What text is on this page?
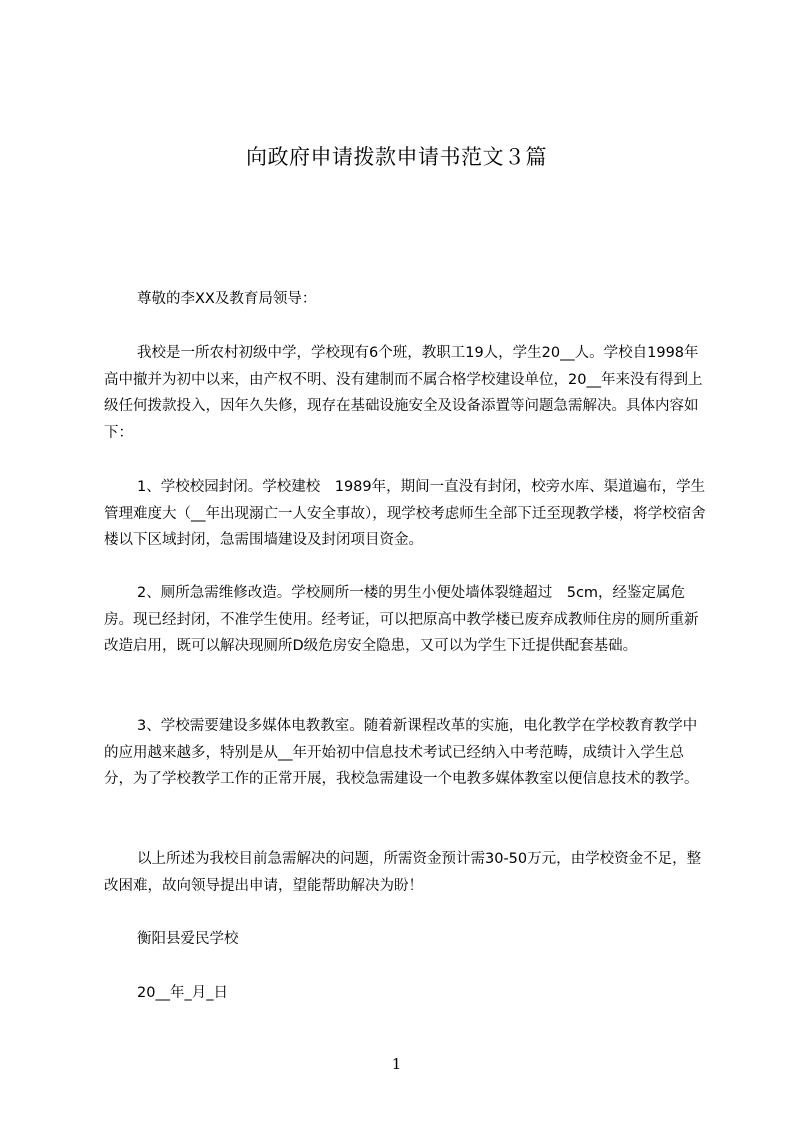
向政府申请拨款申请书范文３篇

尊敬的李XX及教育局领导：

我校是一所农村初级中学，学校现有6个班，教职工19人，学生20__人。学校自1998年高中撤并为初中以来，由产权不明、没有建制而不属合格学校建设单位，20__年来没有得到上级任何拨款投入，因年久失修，现存在基础设施安全及设备添置等问题急需解决。具体内容如下：

1、学校校园封闭。学校建校　1989年，期间一直没有封闭，校旁水库、渠道遍布，学生管理难度大（__年出现溺亡一人安全事故），现学校考虑师生全部下迁至现教学楼，将学校宿舍楼以下区域封闭，急需围墙建设及封闭项目资金。

2、厕所急需维修改造。学校厕所一楼的男生小便处墙体裂缝超过　5cm，经鉴定属危房。现已经封闭，不准学生使用。经考证，可以把原高中教学楼已废弃成教师住房的厕所重新改造启用，既可以解决现厕所D级危房安全隐患，又可以为学生下迁提供配套基础。

3、学校需要建设多媒体电教教室。随着新课程改革的实施，电化教学在学校教育教学中的应用越来越多，特别是从__年开始初中信息技术考试已经纳入中考范畴，成绩计入学生总分，为了学校教学工作的正常开展，我校急需建设一个电教多媒体教室以便信息技术的教学。

以上所述为我校目前急需解决的问题，所需资金预计需30-50万元，由学校资金不足，整改困难，故向领导提出申请，望能帮助解决为盼！

衡阳县爱民学校

20__年_月_日

1
